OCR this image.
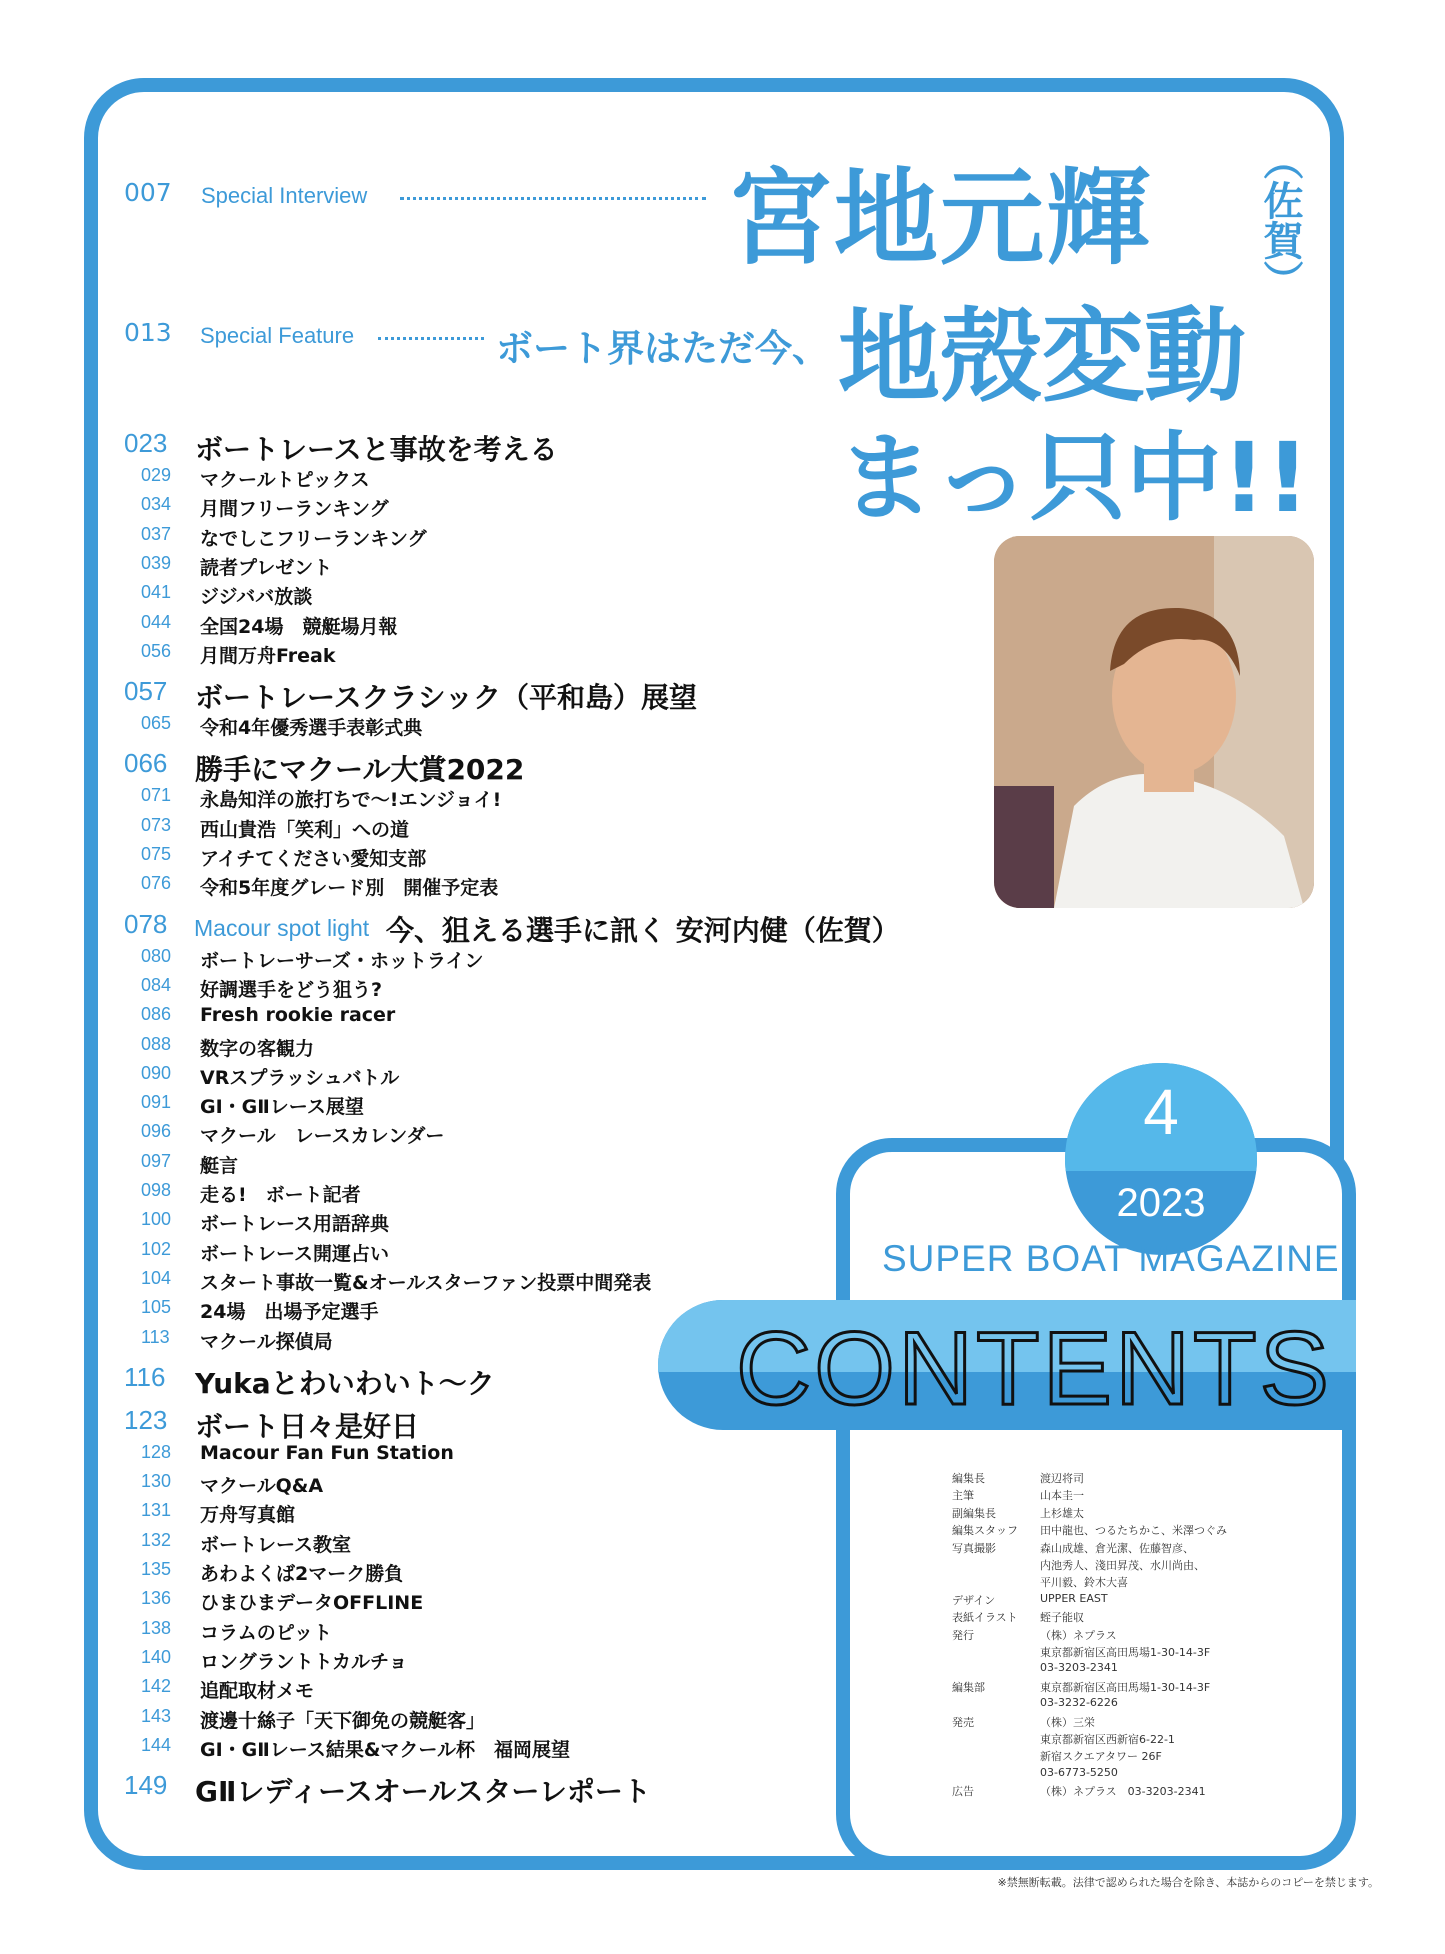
007 Special Interview	宮地元輝	（佐賀）
013 Special Feature	ボート界はただ今、 地殻変動
まっ只中!!
023 ボートレースと事故を考える
029	マクールトピックス
034	月間フリーランキング
037	なでしこフリーランキング
039	読者プレゼント
041	ジジババ放談
044	全国24場　競艇場月報
056	月間万舟Freak
057 ボートレースクラシック（平和島）展望
065	令和4年優秀選手表彰式典
066 勝手にマクール大賞2022
071	永島知洋の旅打ちで〜!エンジョイ!
073	西山貴浩「笑利」への道
075	アイチてください愛知支部
076	令和5年度グレード別　開催予定表
078 Macour spot light 今、狙える選手に訊く 安河内健（佐賀）
080	ボートレーサーズ・ホットライン
084	好調選手をどう狙う?
086	Fresh rookie racer
088	数字の客観力
090	VRスプラッシュバトル
091	GI・GⅡレース展望
096	マクール　レースカレンダー
097	艇言
098	走る!　ボート記者
100	ボートレース用語辞典
102	ボートレース開運占い
104	スタート事故一覧&オールスターファン投票中間発表
105	24場　出場予定選手
113	マクール探偵局
116 Yukaとわいわいト〜ク
123 ボート日々是好日
128	Macour Fan Fun Station
130	マクールQ&A
131	万舟写真館
132	ボートレース教室
135	あわよくば2マーク勝負
136	ひまひまデータOFFLINE
138	コラムのピット
140	ロングラントトカルチョ
142	追配取材メモ
143	渡邊十絲子「天下御免の競艇客」
144	GI・GⅡレース結果&マクール杯　福岡展望
149 GⅡレディースオールスターレポート
4
2023
SUPER BOAT MAGAZINE
CONTENTS
編集長	渡辺将司
主筆	山本圭一
副編集長	上杉雄太
編集スタッフ 田中龍也、つるたちかこ、米澤つぐみ
写真撮影	森山成雄、倉光潔、佐藤智彦、
内池秀人、淺田昇茂、水川尚由、
平川毅、鈴木大喜
デザイン	UPPER EAST
表紙イラスト 蛭子能収
発行	（株）ネプラス
東京都新宿区高田馬場1-30-14-3F
03-3203-2341
編集部	東京都新宿区高田馬場1-30-14-3F
03-3232-6226
発売	（株）三栄
東京都新宿区西新宿6-22-1
新宿スクエアタワー 26F
03-6773-5250
広告	（株）ネプラス　03-3203-2341
※禁無断転載。法律で認められた場合を除き、本誌からのコピーを禁じます。
